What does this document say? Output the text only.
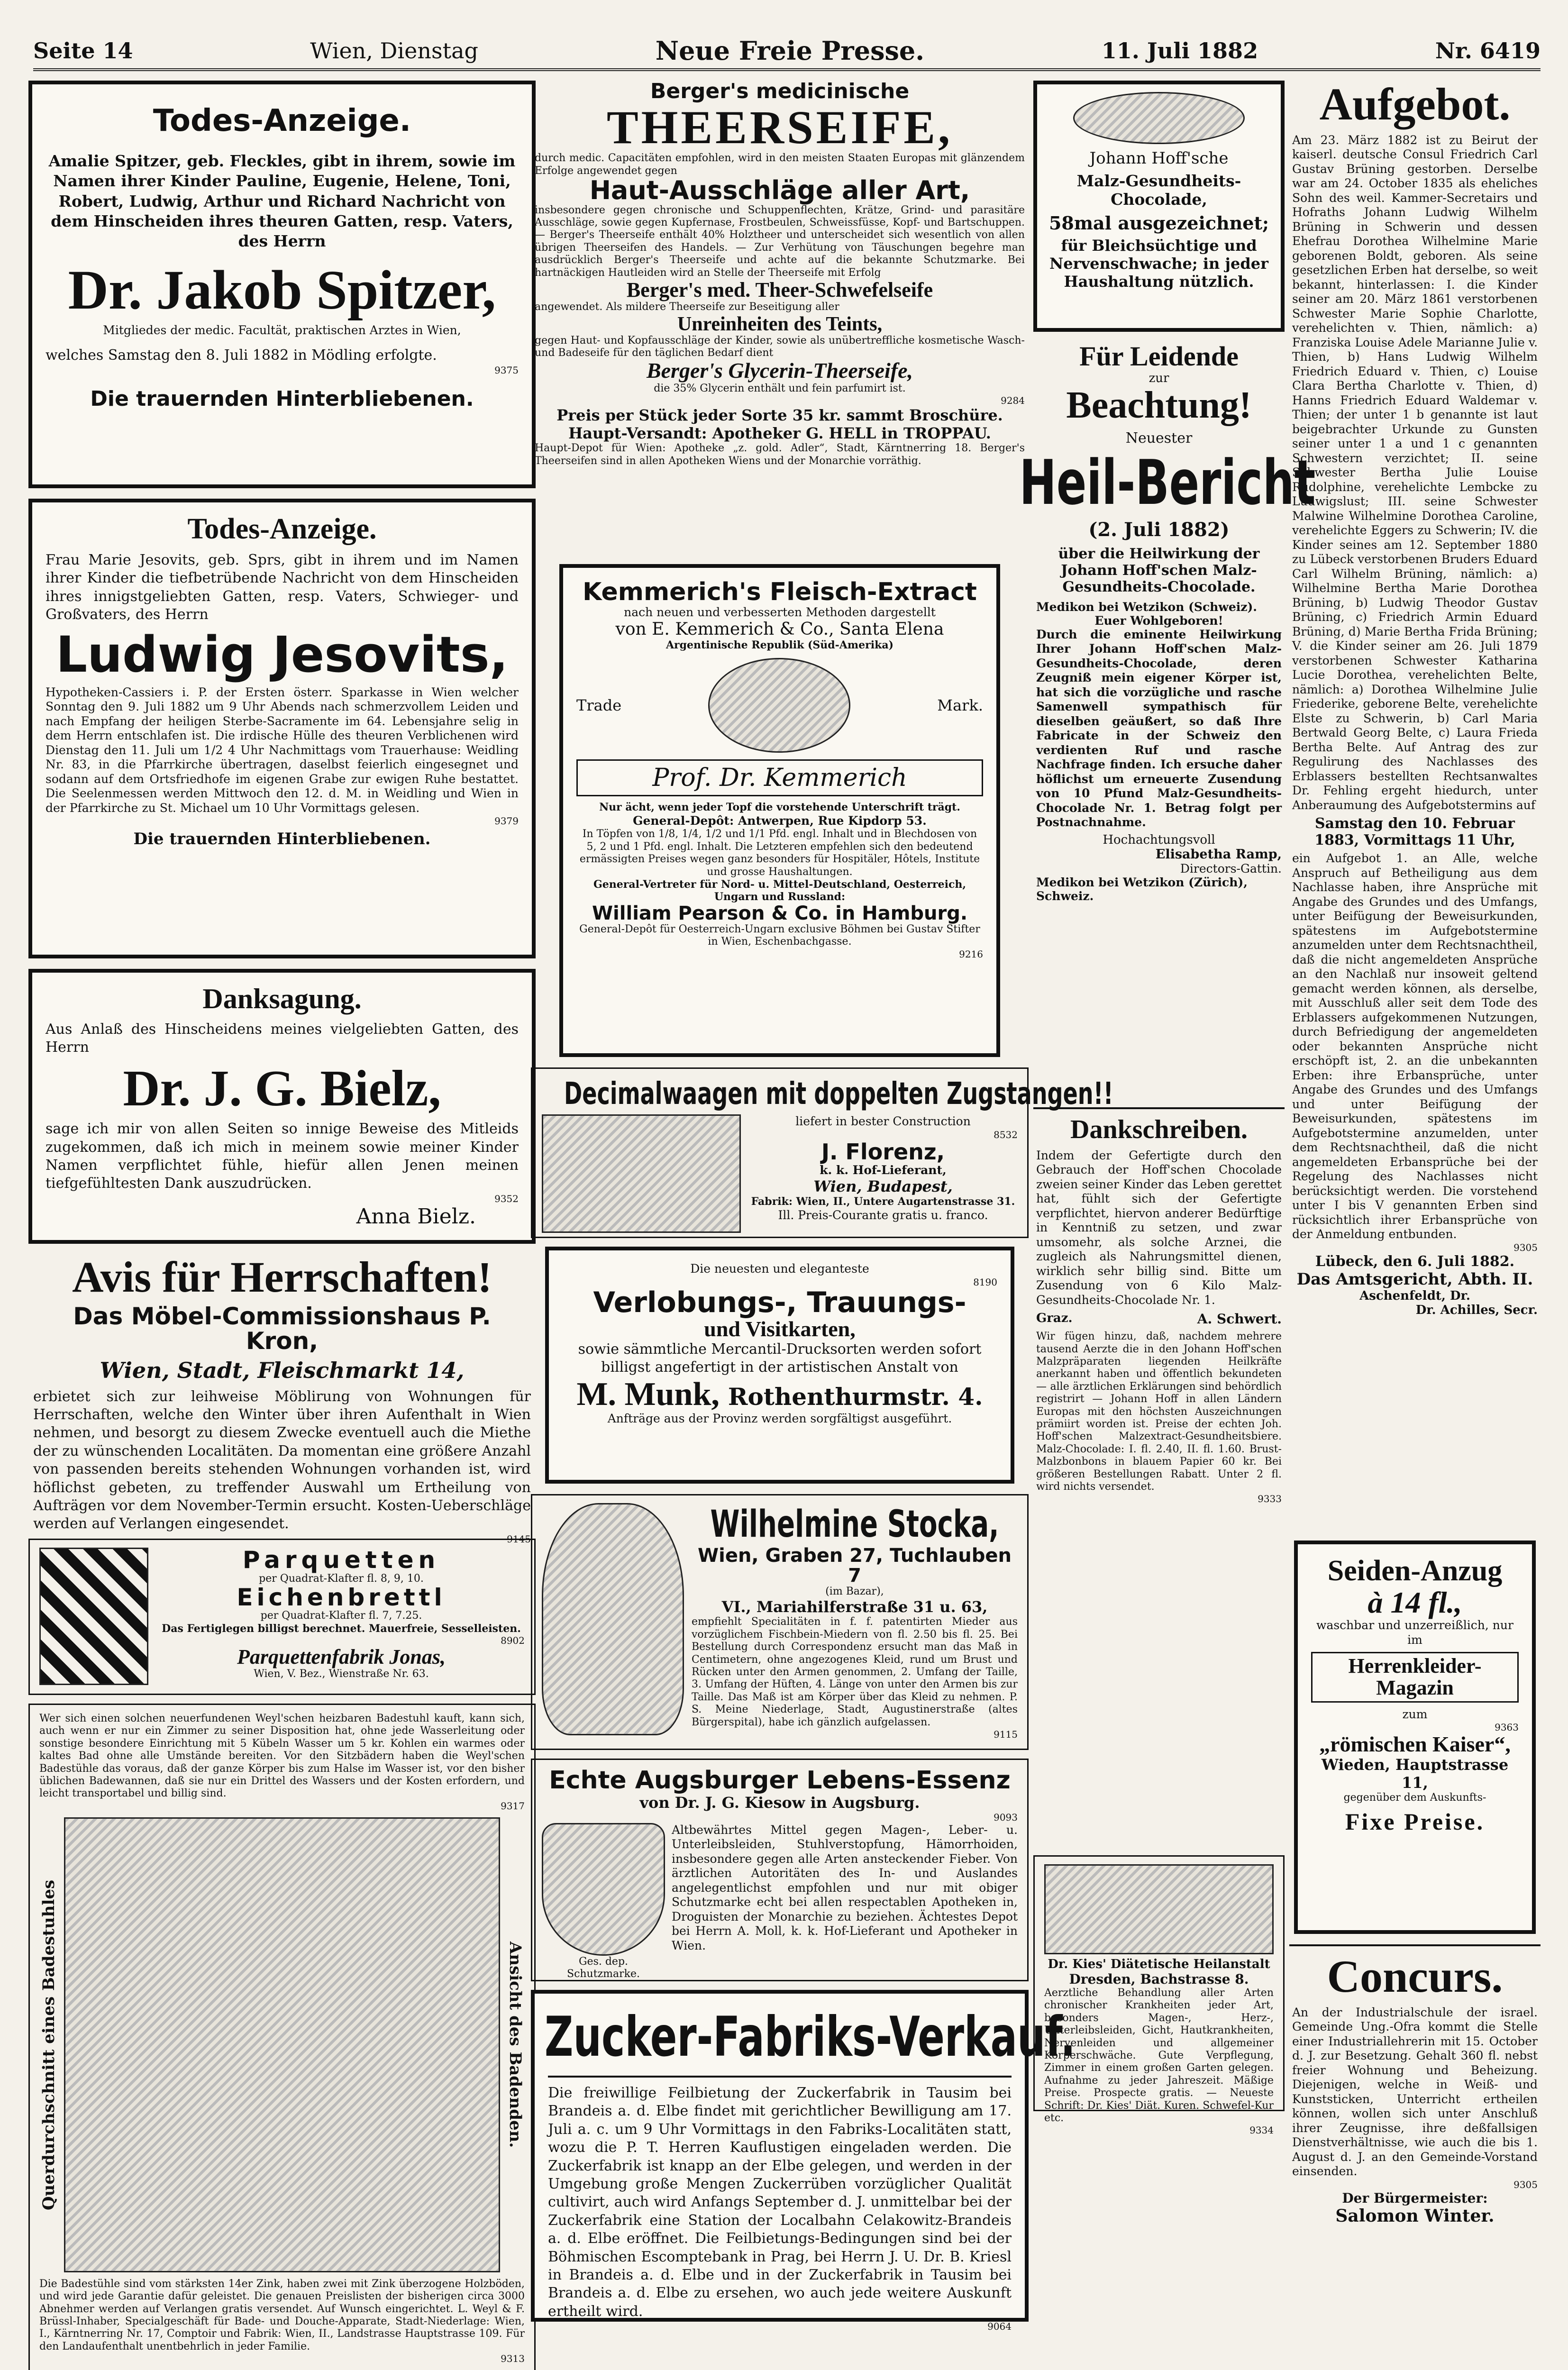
Seite 14	Wien, Dienstag	Neue Freie Presse.	11. Juli 1882	Nr. 6419
Todes-Anzeige.
Amalie Spitzer, geb. Fleckles, gibt in ihrem, sowie im Namen ihrer Kinder Pauline, Eugenie, Helene, Toni, Robert, Ludwig, Arthur und Richard Nachricht von dem Hinscheiden ihres theuren Gatten, resp. Vaters, des Herrn
Dr. Jakob Spitzer,
Mitgliedes der medic. Facultät, praktischen Arztes in Wien,
welches Samstag den 8. Juli 1882 in Mödling erfolgte.
9375
Die trauernden Hinterbliebenen.
Todes-Anzeige.
Frau Marie Jesovits, geb. Sprs, gibt in ihrem und im Namen ihrer Kinder die tiefbetrübende Nachricht von dem Hinscheiden ihres innigstgeliebten Gatten, resp. Vaters, Schwieger- und Großvaters, des Herrn
Ludwig Jesovits,
Hypotheken-Cassiers i. P. der Ersten österr. Sparkasse in Wien welcher Sonntag den 9. Juli 1882 um 9 Uhr Abends nach schmerzvollem Leiden und nach Empfang der heiligen Sterbe-Sacramente im 64. Lebensjahre selig in dem Herrn entschlafen ist. Die irdische Hülle des theuren Verblichenen wird Dienstag den 11. Juli um 1/2 4 Uhr Nachmittags vom Trauerhause: Weidling Nr. 83, in die Pfarrkirche übertragen, daselbst feierlich eingesegnet und sodann auf dem Ortsfriedhofe im eigenen Grabe zur ewigen Ruhe bestattet. Die Seelenmessen werden Mittwoch den 12. d. M. in Weidling und Wien in der Pfarrkirche zu St. Michael um 10 Uhr Vormittags gelesen.
9379
Die trauernden Hinterbliebenen.
Danksagung.
Aus Anlaß des Hinscheidens meines vielgeliebten Gatten, des Herrn
Dr. J. G. Bielz,
sage ich mir von allen Seiten so innige Beweise des Mitleids zugekommen, daß ich mich in meinem sowie meiner Kinder Namen verpflichtet fühle, hiefür allen Jenen meinen tiefgefühltesten Dank auszudrücken.
9352
Anna Bielz.
Avis für Herrschaften!
Das Möbel-Commissionshaus P. Kron,
Wien, Stadt, Fleischmarkt 14,
erbietet sich zur leihweise Möblirung von Wohnungen für Herrschaften, welche den Winter über ihren Aufenthalt in Wien nehmen, und besorgt zu diesem Zwecke eventuell auch die Miethe der zu wünschenden Localitäten. Da momentan eine größere Anzahl von passenden bereits stehenden Wohnungen vorhanden ist, wird höflichst gebeten, zu treffender Auswahl um Ertheilung von Aufträgen vor dem November-Termin ersucht. Kosten-Ueberschläge werden auf Verlangen eingesendet.
9145
Parquetten
per Quadrat-Klafter fl. 8, 9, 10.
Eichenbrettl
per Quadrat-Klafter fl. 7, 7.25.
Das Fertiglegen billigst berechnet. Mauerfreie, Sesselleisten.
8902
Parquettenfabrik Jonas,
Wien, V. Bez., Wienstraße Nr. 63.
Wer sich einen solchen neuerfundenen Weyl'schen heizbaren Badestuhl kauft, kann sich, auch wenn er nur ein Zimmer zu seiner Disposition hat, ohne jede Wasserleitung oder sonstige besondere Einrichtung mit 5 Kübeln Wasser um 5 kr. Kohlen ein warmes oder kaltes Bad ohne alle Umstände bereiten. Vor den Sitzbädern haben die Weyl'schen Badestühle das voraus, daß der ganze Körper bis zum Halse im Wasser ist, vor den bisher üblichen Badewannen, daß sie nur ein Drittel des Wassers und der Kosten erfordern, und leicht transportabel und billig sind.
9317
Querdurchschnitt eines Badestuhles	Ansicht des Badenden.
Die Badestühle sind vom stärksten 14er Zink, haben zwei mit Zink überzogene Holzböden, und wird jede Garantie dafür geleistet. Die genauen Preislisten der bisherigen circa 3000 Abnehmer werden auf Verlangen gratis versendet. Auf Wunsch eingerichtet. L. Weyl & F. Brüssl-Inhaber, Specialgeschäft für Bade- und Douche-Apparate, Stadt-Niederlage: Wien, I., Kärntnerring Nr. 17, Comptoir und Fabrik: Wien, II., Landstrasse Hauptstrasse 109. Für den Landaufenthalt unentbehrlich in jeder Familie.
9313
Berger's medicinische
THEERSEIFE,
durch medic. Capacitäten empfohlen, wird in den meisten Staaten Europas mit glänzendem Erfolge angewendet gegen
Haut-Ausschläge aller Art,
insbesondere gegen chronische und Schuppenflechten, Krätze, Grind- und parasitäre Ausschläge, sowie gegen Kupfernase, Frostbeulen, Schweissfüsse, Kopf- und Bartschuppen. — Berger's Theerseife enthält 40% Holztheer und unterscheidet sich wesentlich von allen übrigen Theerseifen des Handels. — Zur Verhütung von Täuschungen begehre man ausdrücklich Berger's Theerseife und achte auf die bekannte Schutzmarke. Bei hartnäckigen Hautleiden wird an Stelle der Theerseife mit Erfolg
Berger's med. Theer-Schwefelseife
angewendet. Als mildere Theerseife zur Beseitigung aller
Unreinheiten des Teints,
gegen Haut- und Kopfausschläge der Kinder, sowie als unübertreffliche kosmetische Wasch- und Badeseife für den täglichen Bedarf dient
Berger's Glycerin-Theerseife,
die 35% Glycerin enthält und fein parfumirt ist.
9284
Preis per Stück jeder Sorte 35 kr. sammt Broschüre.
Haupt-Versandt: Apotheker G. HELL in TROPPAU.
Haupt-Depot für Wien: Apotheke „z. gold. Adler“, Stadt, Kärntnerring 18. Berger's Theerseifen sind in allen Apotheken Wiens und der Monarchie vorräthig.
Kemmerich's Fleisch-Extract
nach neuen und verbesserten Methoden dargestellt
von E. Kemmerich & Co., Santa Elena
Argentinische Republik (Süd-Amerika)
Trade	Mark.
Prof. Dr. Kemmerich
Nur ächt, wenn jeder Topf die vorstehende Unterschrift trägt.
General-Depôt: Antwerpen, Rue Kipdorp 53.
In Töpfen von 1/8, 1/4, 1/2 und 1/1 Pfd. engl. Inhalt und in Blechdosen von 5, 2 und 1 Pfd. engl. Inhalt. Die Letzteren empfehlen sich den bedeutend ermässigten Preises wegen ganz besonders für Hospitäler, Hôtels, Institute und grosse Haushaltungen.
General-Vertreter für Nord- u. Mittel-Deutschland, Oesterreich, Ungarn und Russland:
William Pearson & Co. in Hamburg.
General-Depôt für Oesterreich-Ungarn exclusive Böhmen bei Gustav Stifter in Wien, Eschenbachgasse.
9216
Decimalwaagen mit doppelten Zugstangen!!
liefert in bester Construction
8532
J. Florenz,
k. k. Hof-Lieferant,
Wien, Budapest,
Fabrik: Wien, II., Untere Augartenstrasse 31.
Ill. Preis-Courante gratis u. franco.
Die neuesten und eleganteste
8190
Verlobungs-, Trauungs-
und Visitkarten,
sowie sämmtliche Mercantil-Drucksorten werden sofort billigst angefertigt in der artistischen Anstalt von
M. Munk, Rothenthurmstr. 4.
Anfträge aus der Provinz werden sorgfältigst ausgeführt.
Wilhelmine Stocka,
Wien, Graben 27, Tuchlauben 7
(im Bazar),
VI., Mariahilferstraße 31 u. 63,
empfiehlt Specialitäten in f. f. patentirten Mieder aus vorzüglichem Fischbein-Miedern von fl. 2.50 bis fl. 25. Bei Bestellung durch Correspondenz ersucht man das Maß in Centimetern, ohne angezogenes Kleid, rund um Brust und Rücken unter den Armen genommen, 2. Umfang der Taille, 3. Umfang der Hüften, 4. Länge von unter den Armen bis zur Taille. Das Maß ist am Körper über das Kleid zu nehmen. P. S. Meine Niederlage, Stadt, Augustinerstraße (altes Bürgerspital), habe ich gänzlich aufgelassen.
9115
Echte Augsburger Lebens-Essenz
von Dr. J. G. Kiesow in Augsburg.
9093
Ges. dep. Schutzmarke.
Altbewährtes Mittel gegen Magen-, Leber- u. Unterleibsleiden, Stuhlverstopfung, Hämorrhoiden, insbesondere gegen alle Arten ansteckender Fieber. Von ärztlichen Autoritäten des In- und Auslandes angelegentlichst empfohlen und nur mit obiger Schutzmarke echt bei allen respectablen Apotheken in, Droguisten der Monarchie zu beziehen. Ächtestes Depot bei Herrn A. Moll, k. k. Hof-Lieferant und Apotheker in Wien.
Zucker-Fabriks-Verkauf.
Die freiwillige Feilbietung der Zuckerfabrik in Tausim bei Brandeis a. d. Elbe findet mit gerichtlicher Bewilligung am 17. Juli a. c. um 9 Uhr Vormittags in den Fabriks-Localitäten statt, wozu die P. T. Herren Kauflustigen eingeladen werden. Die Zuckerfabrik ist knapp an der Elbe gelegen, und werden in der Umgebung große Mengen Zuckerrüben vorzüglicher Qualität cultivirt, auch wird Anfangs September d. J. unmittelbar bei der Zuckerfabrik eine Station der Localbahn Celakowitz-Brandeis a. d. Elbe eröffnet. Die Feilbietungs-Bedingungen sind bei der Böhmischen Escomptebank in Prag, bei Herrn J. U. Dr. B. Kriesl in Brandeis a. d. Elbe und in der Zuckerfabrik in Tausim bei Brandeis a. d. Elbe zu ersehen, wo auch jede weitere Auskunft ertheilt wird.
9064
Johann Hoff'sche
Malz-Gesundheits-Chocolade,
58mal ausgezeichnet;
für Bleichsüchtige und Nervenschwache; in jeder Haushaltung nützlich.
Für Leidende
zur
Beachtung!
Neuester
Heil-Bericht
(2. Juli 1882)
über die Heilwirkung der Johann Hoff'schen Malz-Gesundheits-Chocolade.
Medikon bei Wetzikon (Schweiz).
Euer Wohlgeboren!
Durch die eminente Heilwirkung Ihrer Johann Hoff'schen Malz-Gesundheits-Chocolade, deren Zeugniß mein eigener Körper ist, hat sich die vorzügliche und rasche Samenwell sympathisch für dieselben geäußert, so daß Ihre Fabricate in der Schweiz den verdienten Ruf und rasche Nachfrage finden. Ich ersuche daher höflichst um erneuerte Zusendung von 10 Pfund Malz-Gesundheits-Chocolade Nr. 1. Betrag folgt per Postnachnahme.
Hochachtungsvoll
Elisabetha Ramp,
Directors-Gattin.
Medikon bei Wetzikon (Zürich), Schweiz.
Dankschreiben.
Indem der Gefertigte durch den Gebrauch der Hoff'schen Chocolade zweien seiner Kinder das Leben gerettet hat, fühlt sich der Gefertigte verpflichtet, hiervon anderer Bedürftige in Kenntniß zu setzen, und zwar umsomehr, als solche Arznei, die zugleich als Nahrungsmittel dienen, wirklich sehr billig sind. Bitte um Zusendung von 6 Kilo Malz-Gesundheits-Chocolade Nr. 1.
Graz.	A. Schwert.
Wir fügen hinzu, daß, nachdem mehrere tausend Aerzte die in den Johann Hoff'schen Malzpräparaten liegenden Heilkräfte anerkannt haben und öffentlich bekundeten — alle ärztlichen Erklärungen sind behördlich registrirt — Johann Hoff in allen Ländern Europas mit den höchsten Auszeichnungen prämiirt worden ist. Preise der echten Joh. Hoff'schen Malzextract-Gesundheitsbiere. Malz-Chocolade: I. fl. 2.40, II. fl. 1.60. Brust-Malzbonbons in blauem Papier 60 kr. Bei größeren Bestellungen Rabatt. Unter 2 fl. wird nichts versendet.
9333
Dr. Kies' Diätetische Heilanstalt
Dresden, Bachstrasse 8.
Aerztliche Behandlung aller Arten chronischer Krankheiten jeder Art, besonders Magen-, Herz-, Unterleibsleiden, Gicht, Hautkrankheiten, Nervenleiden und allgemeiner Körperschwäche. Gute Verpflegung, Zimmer in einem großen Garten gelegen. Aufnahme zu jeder Jahreszeit. Mäßige Preise. Prospecte gratis. — Neueste Schrift: Dr. Kies' Diät. Kuren. Schwefel-Kur etc.
9334
Aufgebot.
Am 23. März 1882 ist zu Beirut der kaiserl. deutsche Consul Friedrich Carl Gustav Brüning gestorben. Derselbe war am 24. October 1835 als eheliches Sohn des weil. Kammer-Secretairs und Hofraths Johann Ludwig Wilhelm Brüning in Schwerin und dessen Ehefrau Dorothea Wilhelmine Marie geborenen Boldt, geboren. Als seine gesetzlichen Erben hat derselbe, so weit bekannt, hinterlassen: I. die Kinder seiner am 20. März 1861 verstorbenen Schwester Marie Sophie Charlotte, verehelichten v. Thien, nämlich: a) Franziska Louise Adele Marianne Julie v. Thien, b) Hans Ludwig Wilhelm Friedrich Eduard v. Thien, c) Louise Clara Bertha Charlotte v. Thien, d) Hanns Friedrich Eduard Waldemar v. Thien; der unter 1 b genannte ist laut beigebrachter Urkunde zu Gunsten seiner unter 1 a und 1 c genannten Schwestern verzichtet; II. seine Schwester Bertha Julie Louise Rudolphine, verehelichte Lembcke zu Ludwigslust; III. seine Schwester Malwine Wilhelmine Dorothea Caroline, verehelichte Eggers zu Schwerin; IV. die Kinder seines am 12. September 1880 zu Lübeck verstorbenen Bruders Eduard Carl Wilhelm Brüning, nämlich: a) Wilhelmine Bertha Marie Dorothea Brüning, b) Ludwig Theodor Gustav Brüning, c) Friedrich Armin Eduard Brüning, d) Marie Bertha Frida Brüning; V. die Kinder seiner am 26. Juli 1879 verstorbenen Schwester Katharina Lucie Dorothea, verehelichten Belte, nämlich: a) Dorothea Wilhelmine Julie Friederike, geborene Belte, verehelichte Elste zu Schwerin, b) Carl Maria Bertwald Georg Belte, c) Laura Frieda Bertha Belte. Auf Antrag des zur Regulirung des Nachlasses des Erblassers bestellten Rechtsanwaltes Dr. Fehling ergeht hiedurch, unter Anberaumung des Aufgebotstermins auf
Samstag den 10. Februar 1883, Vormittags 11 Uhr,
ein Aufgebot 1. an Alle, welche Anspruch auf Betheiligung aus dem Nachlasse haben, ihre Ansprüche mit Angabe des Grundes und des Umfangs, unter Beifügung der Beweisurkunden, spätestens im Aufgebotstermine anzumelden unter dem Rechtsnachtheil, daß die nicht angemeldeten Ansprüche an den Nachlaß nur insoweit geltend gemacht werden können, als derselbe, mit Ausschluß aller seit dem Tode des Erblassers aufgekommenen Nutzungen, durch Befriedigung der angemeldeten oder bekannten Ansprüche nicht erschöpft ist, 2. an die unbekannten Erben: ihre Erbansprüche, unter Angabe des Grundes und des Umfangs und unter Beifügung der Beweisurkunden, spätestens im Aufgebotstermine anzumelden, unter dem Rechtsnachtheil, daß die nicht angemeldeten Erbansprüche bei der Regelung des Nachlasses nicht berücksichtigt werden. Die vorstehend unter I bis V genannten Erben sind rücksichtlich ihrer Erbansprüche von der Anmeldung entbunden.
9305
Lübeck, den 6. Juli 1882.
Das Amtsgericht, Abth. II.
Aschenfeldt, Dr.
Dr. Achilles, Secr.
Seiden-Anzug
à 14 fl.,
waschbar und unzerreißlich, nur im
Herrenkleider-Magazin
zum
9363
„römischen Kaiser“,
Wieden, Hauptstrasse 11,
gegenüber dem Auskunfts-
Fixe Preise.
Concurs.
An der Industrialschule der israel. Gemeinde Ung.-Ofra kommt die Stelle einer Industriallehrerin mit 15. October d. J. zur Besetzung. Gehalt 360 fl. nebst freier Wohnung und Beheizung. Diejenigen, welche in Weiß- und Kunststicken, Unterricht ertheilen können, wollen sich unter Anschluß ihrer Zeugnisse, ihre deßfallsigen Dienstverhältnisse, wie auch die bis 1. August d. J. an den Gemeinde-Vorstand einsenden.
9305
Der Bürgermeister:
Salomon Winter.
